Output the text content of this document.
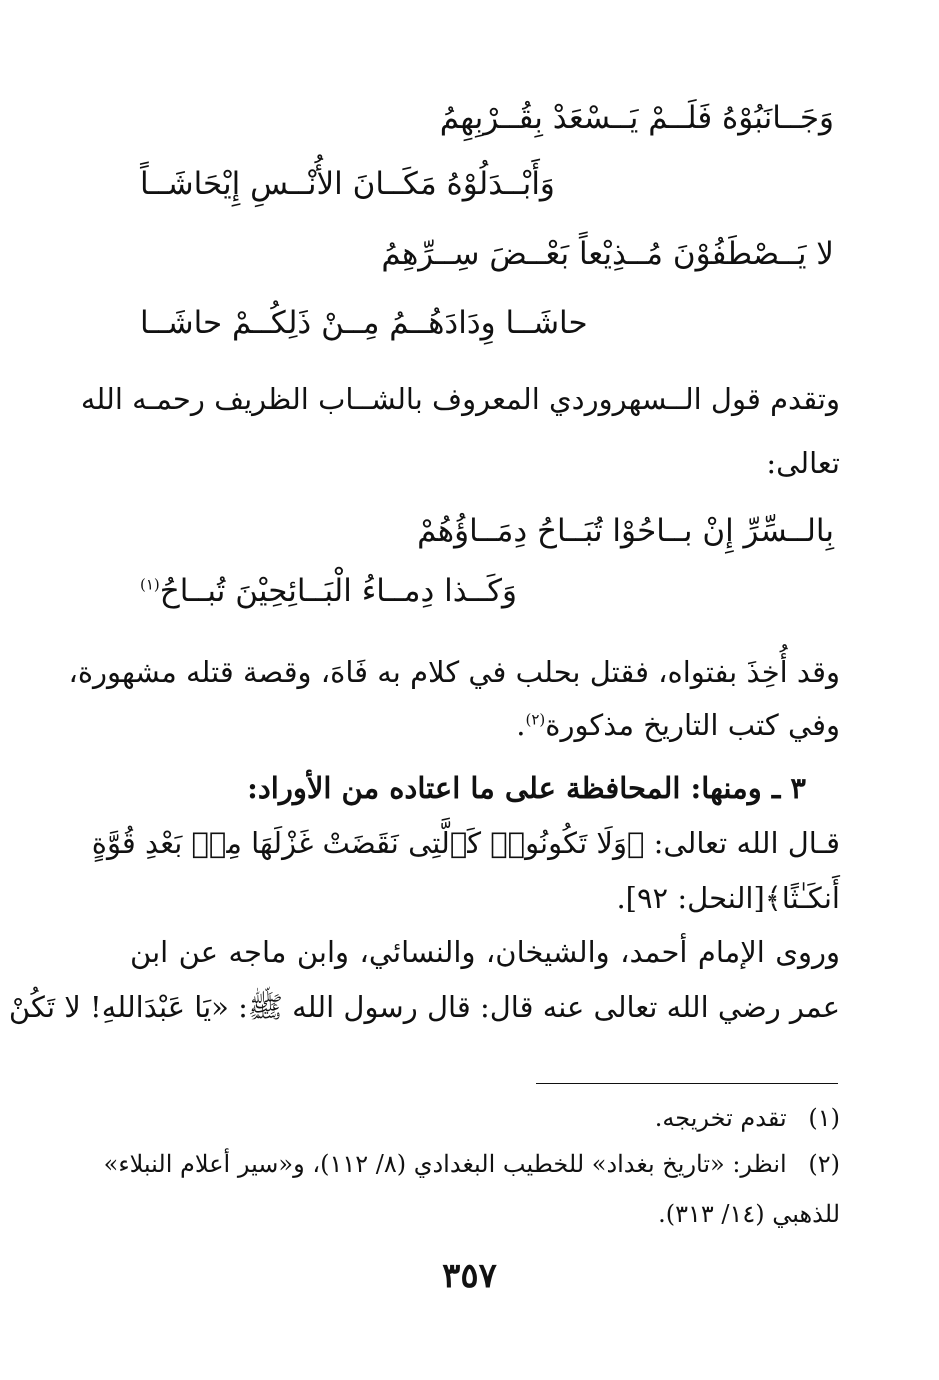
وَجَــانَبُوْهُ فَلَــمْ يَــسْعَدْ بِقُــرْبِهِمُ
وَأَبْــدَلُوْهُ مَكَــانَ الأُنْــسِ إِيْحَاشَــاً
لا يَــصْطَفُوْنَ مُــذِيْعاً بَعْــضَ سِــرِّهِمُ
حاشَــا وِدَادَهُــمُ مِــنْ ذَلِكُــمْ حاشَــا
وتقدم قول الــسهروردي المعروف بالشــاب الظريف رحمـه الله
تعالى:
بِالــسِّرِّ إِنْ بــاحُوْا تُبَــاحُ دِمَــاؤُهُمْ
وَكَــذا دِمــاءُ الْبَــائِحِيْنَ تُبــاحُ$^{(١)}$
وقد أُخِذَ بفتواه، فقتل بحلب في كلام به فَاهَ، وقصة قتله مشهورة،
وفي كتب التاريخ مذكورة$^{(٢)}$.
٣ ـ ومنها: المحافظة على ما اعتاده من الأوراد:
قـال الله تعالى: ﴿وَلَا تَكُونُوا۟ كَٱلَّتِى نَقَضَتْ غَزْلَهَا مِنۢ بَعْدِ قُوَّةٍ
أَنكَـٰثًا﴾[النحل: ٩٢].
وروى الإمام أحمد، والشيخان، والنسائي، وابن ماجه عن ابن
عمر رضي الله تعالى عنه قال: قال رسول الله ﷺ: «يَا عَبْدَاللهِ! لا تَكُنْ
(١) تقدم تخريجه.
(٢) انظر: «تاريخ بغداد» للخطيب البغدادي (٨/ ١١٢)، و«سير أعلام النبلاء»
للذهبي (١٤/ ٣١٣).
٣٥٧
